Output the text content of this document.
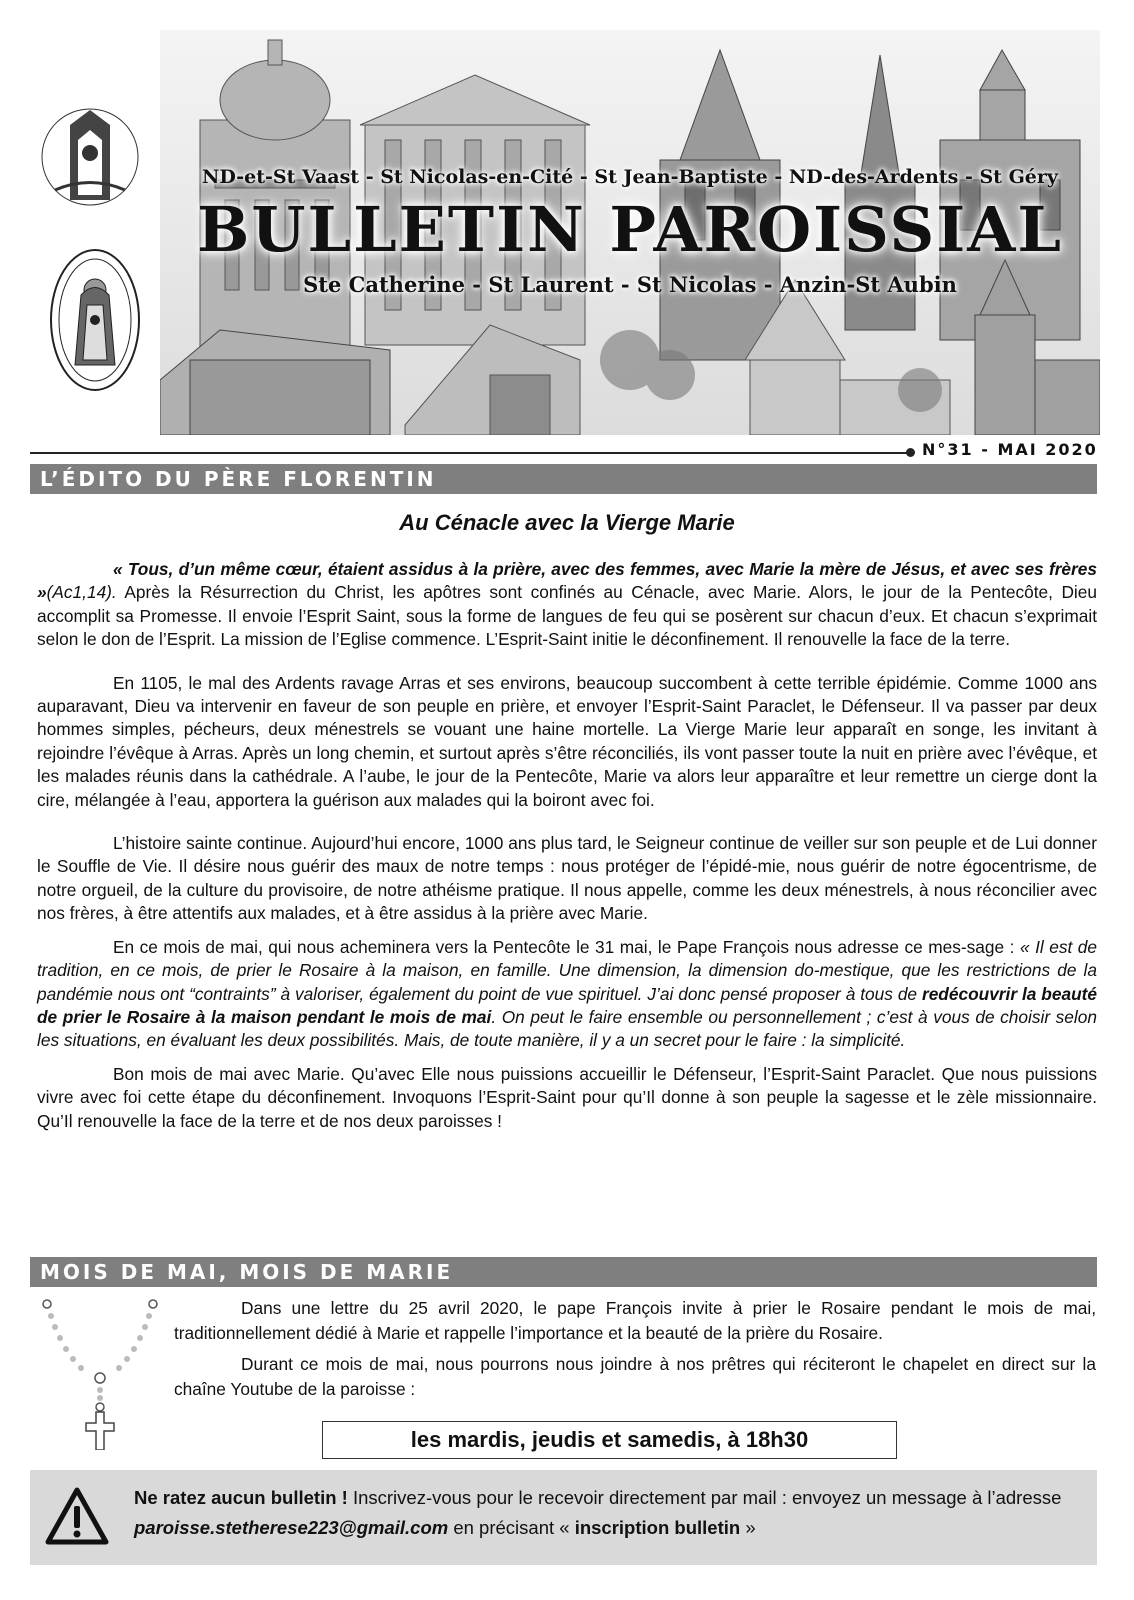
ND-et-St Vaast - St Nicolas-en-Cité - St Jean-Baptiste - ND-des-Ardents - St Géry
BULLETIN PAROISSIAL
Ste Catherine - St Laurent - St Nicolas - Anzin-St Aubin
N°31 - MAI 2020
L’ÉDITO DU PÈRE FLORENTIN
Au Cénacle avec la Vierge Marie

« Tous, d’un même cœur, étaient assidus à la prière, avec des femmes, avec Marie la mère de Jésus, et avec ses frères »(Ac1,14). Après la Résurrection du Christ, les apôtres sont confinés au Cénacle, avec Marie. Alors, le jour de la Pentecôte, Dieu accomplit sa Promesse. Il envoie l’Esprit Saint, sous la forme de langues de feu qui se posèrent sur chacun d’eux. Et chacun s’exprimait selon le don de l’Esprit. La mission de l’Eglise commence. L’Esprit-Saint initie le déconfinement. Il renouvelle la face de la terre.

En 1105, le mal des Ardents ravage Arras et ses environs, beaucoup succombent à cette terrible épidémie. Comme 1000 ans auparavant, Dieu va intervenir en faveur de son peuple en prière, et envoyer l’Esprit-Saint Paraclet, le Défenseur. Il va passer par deux hommes simples, pécheurs, deux ménestrels se vouant une haine mortelle. La Vierge Marie leur apparaît en songe, les invitant à rejoindre l’évêque à Arras. Après un long chemin, et surtout après s’être réconciliés, ils vont passer toute la nuit en prière avec l’évêque, et les malades réunis dans la cathédrale. A l’aube, le jour de la Pentecôte, Marie va alors leur apparaître et leur remettre un cierge dont la cire, mélangée à l’eau, apportera la guérison aux malades qui la boiront avec foi.

L’histoire sainte continue. Aujourd’hui encore, 1000 ans plus tard, le Seigneur continue de veiller sur son peuple et de Lui donner le Souffle de Vie. Il désire nous guérir des maux de notre temps : nous protéger de l’épidé-mie, nous guérir de notre égocentrisme, de notre orgueil, de la culture du provisoire, de notre athéisme pratique. Il nous appelle, comme les deux ménestrels, à nous réconcilier avec nos frères, à être attentifs aux malades, et à être assidus à la prière avec Marie.

En ce mois de mai, qui nous acheminera vers la Pentecôte le 31 mai, le Pape François nous adresse ce mes-sage : « Il est de tradition, en ce mois, de prier le Rosaire à la maison, en famille. Une dimension, la dimension do-mestique, que les restrictions de la pandémie nous ont “contraints” à valoriser, également du point de vue spirituel. J’ai donc pensé proposer à tous de redécouvrir la beauté de prier le Rosaire à la maison pendant le mois de mai. On peut le faire ensemble ou personnellement ; c’est à vous de choisir selon les situations, en évaluant les deux possibilités. Mais, de toute manière, il y a un secret pour le faire : la simplicité.

Bon mois de mai avec Marie. Qu’avec Elle nous puissions accueillir le Défenseur, l’Esprit-Saint Paraclet. Que nous puissions vivre avec foi cette étape du déconfinement. Invoquons l’Esprit-Saint pour qu’Il donne à son peuple la sagesse et le zèle missionnaire. Qu’Il renouvelle la face de la terre et de nos deux paroisses !

MOIS DE MAI, MOIS DE MARIE

Dans une lettre du 25 avril 2020, le pape François invite à prier le Rosaire pendant le mois de mai, traditionnellement dédié à Marie et rappelle l’importance et la beauté de la prière du Rosaire.

Durant ce mois de mai, nous pourrons nous joindre à nos prêtres qui réciteront le chapelet en direct sur la chaîne Youtube de la paroisse :

les mardis, jeudis et samedis, à 18h30
Ne ratez aucun bulletin ! Inscrivez-vous pour le recevoir directement par mail : envoyez un message à l’adresse paroisse.stetherese223@gmail.com en précisant « inscription bulletin »
